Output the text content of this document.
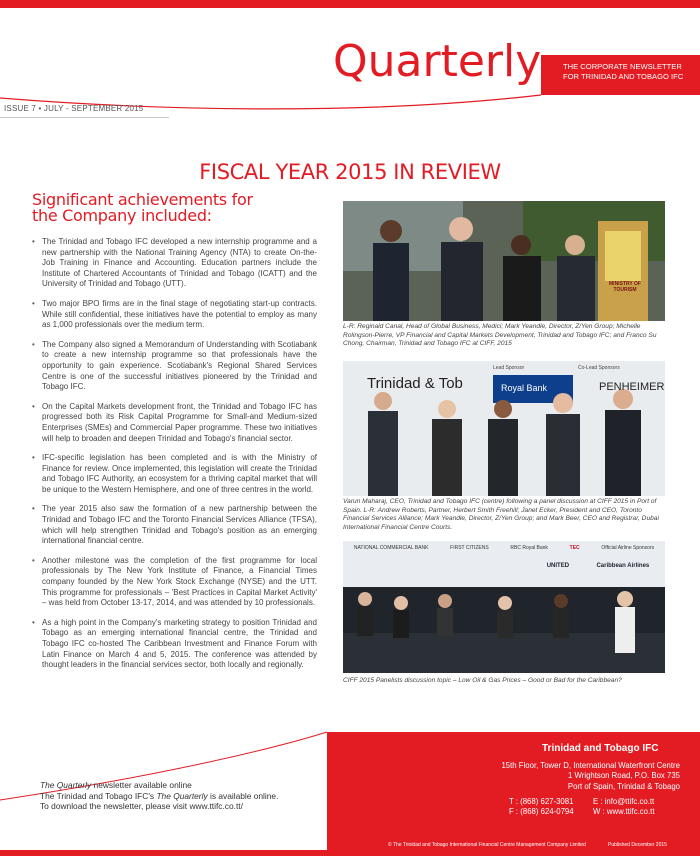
Quarterly	THE CORPORATE NEWSLETTER
FOR TRINIDAD AND TOBAGO IFC
ISSUE 7 • JULY - SEPTEMBER 2015
FISCAL YEAR 2015 IN REVIEW
Significant achievements for
the Company included:
• The Trinidad and Tobago IFC developed a new internship programme and a new partnership with the National Training Agency (NTA) to create On-the-Job Training in Finance and Accounting. Education partners include the Institute of Chartered Accountants of Trinidad and Tobago (ICATT) and the University of Trinidad and Tobago (UTT).
• Two major BPO firms are in the final stage of negotiating start-up contracts. While still confidential, these initiatives have the potential to employ as many as 1,000 professionals over the medium term.
• The Company also signed a Memorandum of Understanding with Scotiabank to create a new internship programme so that professionals have the opportunity to gain experience. Scotiabank's Regional Shared Services Centre is one of the successful initiatives pioneered by the Trinidad and Tobago IFC.
• On the Capital Markets development front, the Trinidad and Tobago IFC has progressed both its Risk Capital Programme for Small-and Medium-sized Enterprises (SMEs) and Commercial Paper programme. These two initiatives will help to broaden and deepen Trinidad and Tobago's financial sector.
• IFC-specific legislation has been completed and is with the Ministry of Finance for review. Once implemented, this legislation will create the Trinidad and Tobago IFC Authority, an ecosystem for a thriving capital market that will be unique to the Western Hemisphere, and one of three centres in the world.
• The year 2015 also saw the formation of a new partnership between the Trinidad and Tobago IFC and the Toronto Financial Services Alliance (TFSA), which will help strengthen Trinidad and Tobago's position as an emerging international financial centre.
• Another milestone was the completion of the first programme for local professionals by The New York Institute of Finance, a Financial Times company founded by the New York Stock Exchange (NYSE) and the UTT. This programme for professionals – 'Best Practices in Capital Market Activity' – was held from October 13-17, 2014, and was attended by 10 professionals.
• As a high point in the Company's marketing strategy to position Trinidad and Tobago as an emerging international financial centre, the Trinidad and Tobago IFC co-hosted The Caribbean Investment and Finance Forum with Latin Finance on March 4 and 5, 2015. The conference was attended by thought leaders in the financial services sector, both locally and regionally.
MINISTRY OF TOURISM
L-R: Reginald Canal, Head of Global Business, Medici; Mark Yeandle, Director, Z/Yen Group; Michelle Rolingson-Pierre, VP Financial and Capital Markets Development, Trinidad and Tobago IFC; and Franco Su Chong, Chairman, Trinidad and Tobago IFC at CIFF, 2015
Trinidad & Tob
Lead Sponsor	Co-Lead Sponsors
Royal Bank	PENHEIMER
Varun Maharaj, CEO, Trinidad and Tobago IFC (centre) following a panel discussion at CIFF 2015 in Port of Spain. L-R: Andrew Roberts, Partner, Herbert Smith Freehill; Janet Ecker, President and CEO, Toronto Financial Services Alliance; Mark Yeandle, Director, Z/Yen Group; and Mark Beer, CEO and Registrar, Dubai International Financial Centre Courts.
NATIONAL COMMERCIAL BANK	FIRST CITIZENS	RBC Royal Bank	TEC	Official Airline Sponsors
UNITED	Caribbean Airlines
CIFF 2015 Panelists discussion topic – Low Oil & Gas Prices – Good or Bad for the Caribbean?
The Quarterly newsletter available online
The Trinidad and Tobago IFC's The Quarterly is available online.
To download the newsletter, please visit www.ttifc.co.tt/
Trinidad and Tobago IFC
15th Floor, Tower D, International Waterfront Centre
1 Wrightson Road, P.O. Box 735
Port of Spain, Trinidad & Tobago
T : (868) 627-3081
F : (868) 624-0794
E : info@ttifc.co.tt
W : www.ttifc.co.tt
© The Trinidad and Tobago International Financial Centre Management Company Limited	Published December 2015
